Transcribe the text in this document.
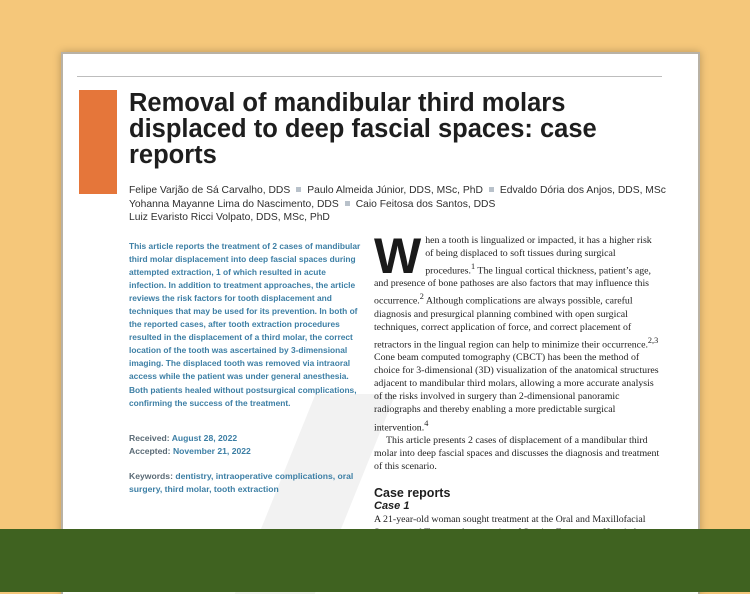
Removal of mandibular third molars displaced to deep fascial spaces: case reports
Felipe Varjão de Sá Carvalho, DDS Paulo Almeida Júnior, DDS, MSc, PhD Edvaldo Dória dos Anjos, DDS, MSc
Yohanna Mayanne Lima do Nascimento, DDS Caio Feitosa dos Santos, DDS
Luiz Evaristo Ricci Volpato, DDS, MSc, PhD

This article reports the treatment of 2 cases of mandibular third molar displacement into deep fascial spaces during attempted extraction, 1 of which resulted in acute infection. In addition to treatment approaches, the article reviews the risk factors for tooth displacement and techniques that may be used for its prevention. In both of the reported cases, after tooth extraction procedures resulted in the displacement of a third molar, the correct location of the tooth was ascertained by 3-dimensional imaging. The displaced tooth was removed via intraoral access while the patient was under general anesthesia. Both patients healed without postsurgical complications, confirming the success of the treatment.

Received: August 28, 2022
Accepted: November 21, 2022
Keywords: dentistry, intraoperative complications, oral surgery, third molar, tooth extraction

When a tooth is lingualized or impacted, it has a higher risk of being displaced to soft tissues during surgical procedures.$^1$ The lingual cortical thickness, patient’s age, and presence of bone pathoses are also factors that may influence this occurrence.$^2$ Although complications are always possible, careful diagnosis and presurgical planning combined with open surgical techniques, correct application of force, and correct placement of retractors in the lingual region can help to minimize their occurrence.$^{2,3}$ Cone beam computed tomography (CBCT) has been the method of choice for 3-dimensional (3D) visualization of the anatomical structures adjacent to mandibular third molars, allowing a more accurate analysis of the risks involved in surgery than 2-dimensional panoramic radiographs and thereby enabling a more predictable surgical intervention.$^4$

This article presents 2 cases of displacement of a mandibular third molar into deep fascial spaces and discusses the diagnosis and treatment of this scenario.

Case reports
Case 1

A 21-year-old woman sought treatment at the Oral and Maxillofacial
